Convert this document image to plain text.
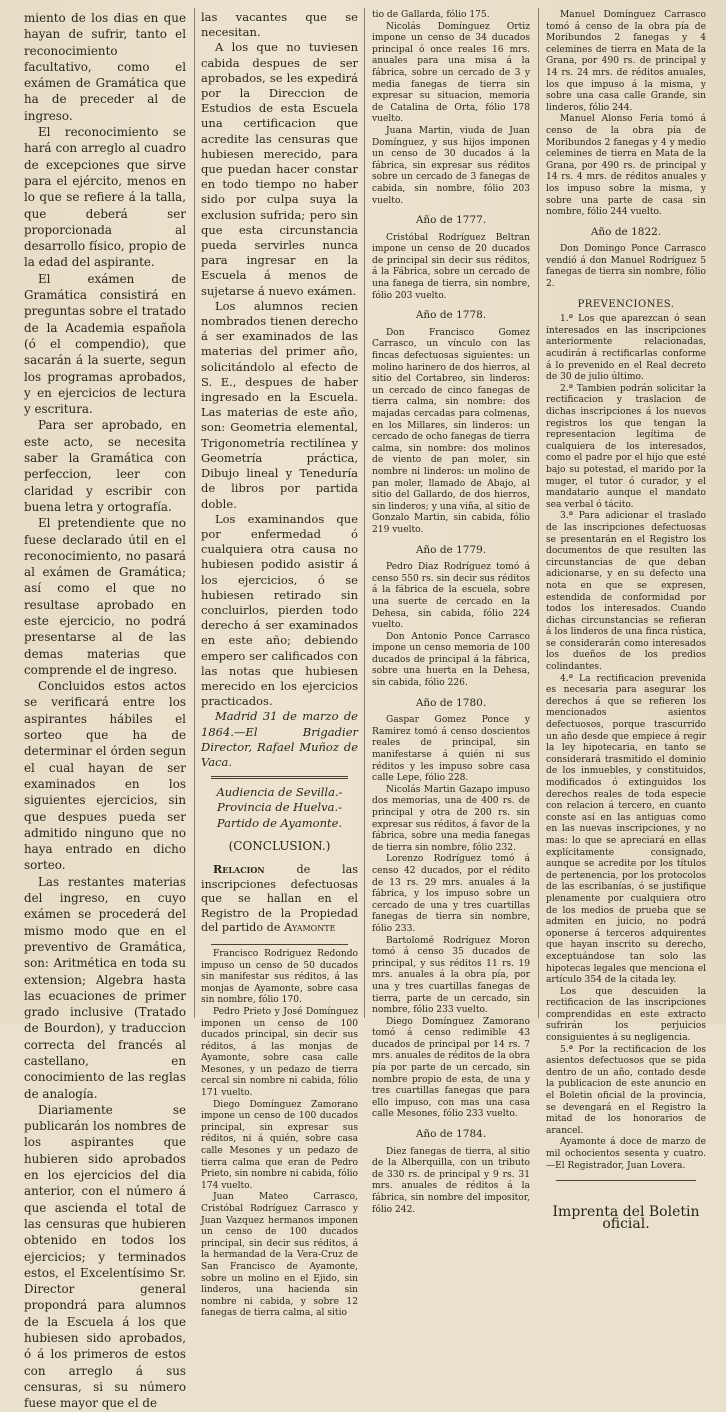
miento de los dias en que hayan de sufrir, tanto el reconocimiento facultativo, como el exámen de Gramática que ha de preceder al de ingreso.

El reconocimiento se hará con arreglo al cuadro de excepciones que sirve para el ejército, menos en lo que se refiere á la talla, que deberá ser proporcionada al desarrollo físico, propio de la edad del aspirante.

El exámen de Gramática consistirá en preguntas sobre el tratado de la Academia española (ó el compendio), que sacarán á la suerte, segun los programas aprobados, y en ejercicios de lectura y escritura.

Para ser aprobado, en este acto, se necesita saber la Gramática con perfeccion, leer con claridad y escribir con buena letra y ortografía.

El pretendiente que no fuese declarado útil en el reconocimiento, no pasará al exámen de Gramática; así como el que no resultase aprobado en este ejercicio, no podrá presentarse al de las demas materias que comprende el de ingreso.

Concluidos estos actos se verificará entre los aspirantes hábiles el sorteo que ha de determinar el órden segun el cual hayan de ser examinados en los siguientes ejercicios, sin que despues pueda ser admitido ninguno que no haya entrado en dicho sorteo.

Las restantes materias del ingreso, en cuyo exámen se procederá del mismo modo que en el preventivo de Gramática, son: Aritmética en toda su extension; Algebra hasta las ecuaciones de primer grado inclusive (Tratado de Bourdon), y traduccion correcta del francés al castellano, en conocimiento de las reglas de analogía.

Diariamente se publicarán los nombres de los aspirantes que hubieren sido aprobados en los ejercicios del dia anterior, con el número á que ascienda el total de las censuras que hubieren obtenido en todos los ejercicios; y terminados estos, el Excelentísimo Sr. Director general propondrá para alumnos de la Escuela á los que hubiesen sido aprobados, ó á los primeros de estos con arreglo á sus censuras, si su número fuese mayor que el de

las vacantes que se necesitan.

A los que no tuviesen cabida despues de ser aprobados, se les expedirá por la Direccion de Estudios de esta Escuela una certificacion que acredite las censuras que hubiesen merecido, para que puedan hacer constar en todo tiempo no haber sido por culpa suya la exclusion sufrida; pero sin que esta circunstancia pueda servirles nunca para ingresar en la Escuela á menos de sujetarse á nuevo exámen.

Los alumnos recien nombrados tienen derecho á ser examinados de las materias del primer año, solicitándolo al efecto de S. E., despues de haber ingresado en la Escuela. Las materias de este año, son: Geometria elemental, Trigonometría rectilínea y Geometría práctica, Dibujo lineal y Teneduría de libros por partida doble.

Los examinandos que por enfermedad ó cualquiera otra causa no hubiesen podido asistir á los ejercicios, ó se hubiesen retirado sin concluirlos, pierden todo derecho á ser examinados en este año; debiendo empero ser calificados con las notas que hubiesen merecido en los ejercicios practicados.

Madrid 31 de marzo de 1864.—El Brigadier Director, Rafael Muñoz de Vaca.

Audiencia de Sevilla.-Provincia de Huelva.-Partido de Ayamonte.

(CONCLUSION.)

Relacion	de las inscripciones defectuosas que se hallan en el Registro de la Propiedad del partido de Ayamonte

Francisco Rodriguez Redondo impuso un censo de 50 ducados sin manifestar sus réditos, á las monjas de Ayamonte, sobre casa sin nombre, fólio 170.

Pedro Prieto y José Domínguez imponen un censo de 100 ducados principal, sin decir sus réditos, á las monjas de Ayamonte, sobre casa calle Mesones, y un pedazo de tierra cercal sin nombre ni cabida, fólio 171 vuelto.

Diego Domínguez Zamorano impone un censo de 100 ducados principal, sin expresar sus réditos, ni á quién, sobre casa calle Mesones y un pedazo de tierra calma que eran de Pedro Prieto, sin nombre ni cabida, fólio 174 vuelto.

Juan Mateo Carrasco, Cristóbal Rodríguez Carrasco y Juan Vazquez hermanos imponen un censo de 100 ducados principal, sin decir sus réditos, á la hermandad de la Vera-Cruz de San Francisco de Ayamonte, sobre un molino en el Ejido, sin linderos, una hacienda sin nombre ni cabida, y sobre 12 fanegas de tierra calma, al sitio

tio de Gallarda, fólio 175.

Nicolás Domínguez Ortiz impone un censo de 34 ducados principal ó once reales 16 mrs. anuales para una misa á la fábrica, sobre un cercado de 3 y media fanegas de tierra sin expresar su situacion, memoria de Catalina de Orta, fólio 178 vuelto.

Juana Martin, viuda de Juan Domínguez, y sus hijos imponen un censo de 30 ducados á la fábrica, sin expresar sus réditos sobre un cercado de 3 fanegas de cabida, sin nombre, fólio 203 vuelto.

Año de 1777.

Cristóbal Rodríguez Beltran impone un censo de 20 ducados de principal sin decir sus réditos, á la Fábrica, sobre un cercado de una fanega de tierra, sin nombre, fólio 203 vuelto.

Año de 1778.

Don Francisco Gomez Carrasco, un vínculo con las fincas defectuosas siguientes: un molino harinero de dos hierros, al sitio del Cortabreo, sin linderos: un cercado de cinco fanegas de tierra calma, sin nombre: dos majadas cercadas para colmenas, en los Millares, sin linderos: un cercado de ocho fanegas de tierra calma, sin nombre: dos molinos de viento de pan moler, sin nombre ni linderos: un molino de pan moler, llamado de Abajo, al sitio del Gallardo, de dos hierros, sin linderos; y una viña, al sitio de Gonzalo Martin, sin cabida, fólio 219 vuelto.

Año de 1779.

Pedro Diaz Rodríguez tomó á censo 550 rs. sin decir sus réditos á la fábrica de la escuela, sobre una suerte de cercado en la Dehesa, sin cabida, fólio 224 vuelto.

Don Antonio Ponce Carrasco impone un censo memoria de 100 ducados de principal á la fábrica, sobre una huerta en la Dehesa, sin cabida, fólio 226.

Año de 1780.

Gaspar Gomez Ponce y Ramirez tomó á censo doscientos reales de principal, sin manifestarse á quién ni sus réditos y les impuso sobre casa calle Lepe, fólio 228.

Nicolás Martin Gazapo impuso dos memorias, una de 400 rs. de principal y otra de 200 rs. sin expresar sus réditos, á favor de la fábrica, sobre una media fanegas de tierra sin nombre, fólio 232.

Lorenzo Rodríguez tomó á censo 42 ducados, por el rédito de 13 rs. 29 mrs. anuales á la fábrica, y los impuso sobre un cercado de una y tres cuartillas fanegas de tierra sin nombre, fólio 233.

Bartolomé Rodríguez Moron tomó á censo 35 ducados de principal, y sus réditos 11 rs. 19 mrs. anuales á la obra pía, por una y tres cuartillas fanegas de tierra, parte de un cercado, sin nombre, fólio 233 vuelto.

Diego Domínguez Zamorano tomó á censo redimible 43 ducados de principal por 14 rs. 7 mrs. anuales de réditos de la obra pía por parte de un cercado, sin nombre propio de esta, de una y tres cuartillas fanegas que para ello impuso, con mas una casa calle Mesones, fólio 233 vuelto.

Año de 1784.

Diez fanegas de tierra, al sitio de la Alberquilla, con un tributo de 330 rs. de principal y 9 rs. 31 mrs. anuales de réditos á la fábrica, sin nombre del impositor, fólio 242.

Manuel Domínguez Carrasco tomó á censo de la obra pía de Moribundos 2 fanegas y 4 celemines de tierra en Mata de la Grana, por 490 rs. de principal y 14 rs. 24 mrs. de réditos anuales, los que impuso á la misma, y sobre una casa calle Grande, sin linderos, fólio 244.

Manuel Alonso Feria tomó á censo de la obra pía de Moribundos 2 fanegas y 4 y medio celemines de tierra en Mata de la Grana, por 490 rs. de principal y 14 rs. 4 mrs. de réditos anuales y los impuso sobre la misma, y sobre una parte de casa sin nombre, fólio 244 vuelto.

Año de 1822.

Don Domingo Ponce Carrasco vendió á don Manuel Rodríguez 5 fanegas de tierra sin nombre, fólio 2.

PREVENCIONES.

1.ª Los que aparezcan ó sean interesados en las inscripciones anteriormente relacionadas, acudirán á rectificarlas conforme á lo prevenido en el Real decreto de 30 de julio último.

2.ª Tambien podrán solicitar la rectificacion y traslacion de dichas inscripciones á los nuevos registros los que tengan la representacion legítima de cualquiera de los interesados, como el padre por el hijo que esté bajo su potestad, el marido por la muger, el tutor ó curador, y el mandatario aunque el mandato sea verbal ó tácito.

3.ª Para adicionar el traslado de las inscripciones defectuosas se presentarán en el Registro los documentos de que resulten las circunstancias de que deban adicionarse, y en su defecto una nota en que se expresen, estendida de conformidad por todos los interesados. Cuando dichas circunstancias se refieran á los linderos de una finca rústica, se considerarán como interesados los dueños de los predios colindantes.

4.ª La rectificacion prevenida es necesaria para asegurar los derechos á que se refieren los mencionados asientos defectuosos, porque trascurrido un año desde que empiece á regir la ley hipotecaria, en tanto se considerará trasmitido el dominio de los inmuebles, y constituidos, modificados ó extinguidos los derechos reales de toda especie con relacion á tercero, en cuanto conste así en las antiguas como en las nuevas inscripciones, y no mas: lo que se apreciará en ellas explícitamente consignado, aunque se acredite por los títulos de pertenencia, por los protocolos de las escribanías, ó se justifique plenamente por cualquiera otro de los medios de prueba que se admiten en juicio, no podrá oponerse á terceros adquirentes que hayan inscrito su derecho, exceptuándose tan solo las hipotecas legales que menciona el artículo 354 de la citada ley.

Los que descuiden la rectificacion de las inscripciones comprendidas en este extracto sufrirán los perjuicios consiguientes á su negligencia.

5.ª Por la rectificacion de los asientos defectuosos que se pida dentro de un año, contado desde la publicacion de este anuncio en el Boletin oficial de la provincia, se devengará en el Registro la mitad de los honorarios de arancel.

Ayamonte á doce de marzo de mil ochocientos sesenta y cuatro.—El Registrador, Juan Lovera.

Imprenta del Boletin oficial.
